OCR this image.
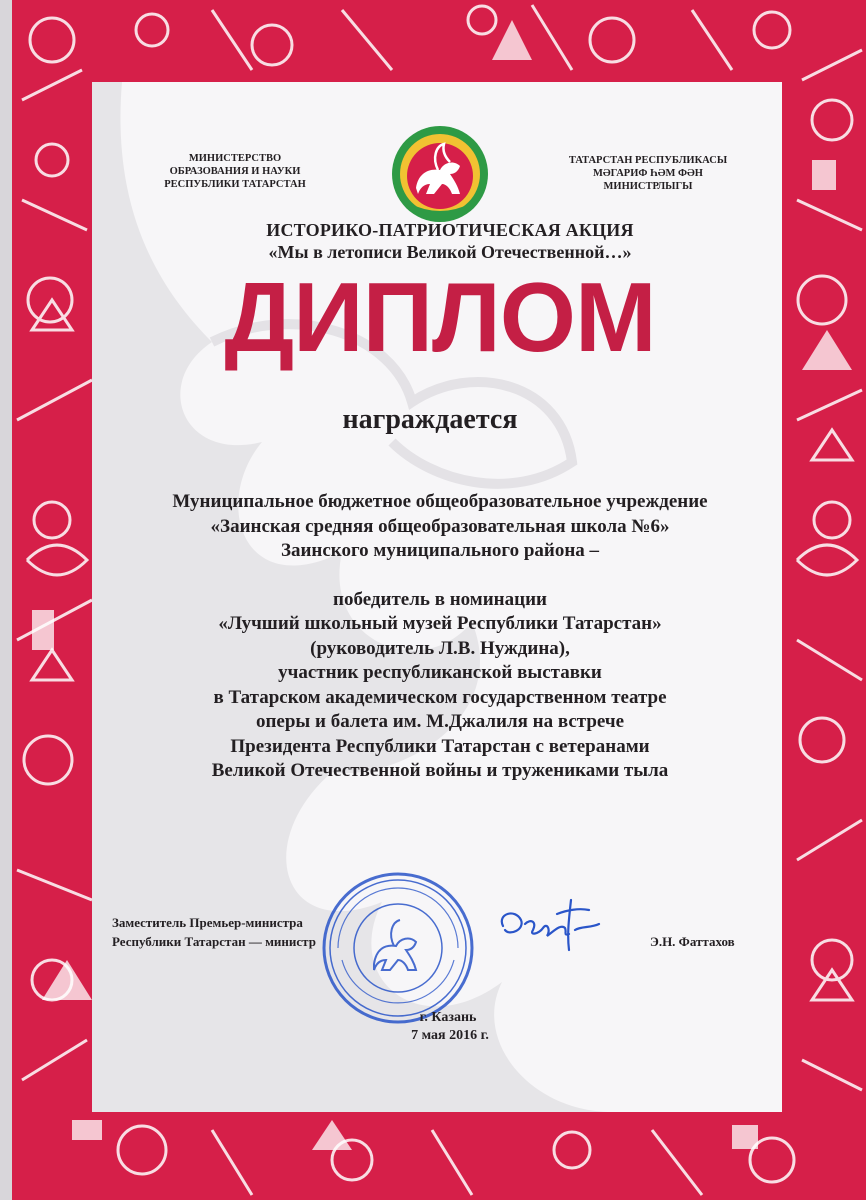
МИНИСТЕРСТВО
ОБРАЗОВАНИЯ И НАУКИ
РЕСПУБЛИКИ ТАТАРСТАН
ТАТАРСТАН РЕСПУБЛИКАСЫ
МӘГАРИФ ҺӘМ ФӘН
МИНИСТРЛЫГЫ
ИСТОРИКО-ПАТРИОТИЧЕСКАЯ АКЦИЯ
«Мы в летописи Великой Отечественной…»
ДИПЛОМ
награждается
Муниципальное бюджетное общеобразовательное учреждение
«Заинская средняя общеобразовательная школа №6»
Заинского муниципального района –
победитель в номинации
«Лучший школьный музей Республики Татарстан»
(руководитель Л.В. Нуждина),
участник республиканской выставки
в Татарском академическом государственном театре
оперы и балета им. М.Джалиля на встрече
Президента Республики Татарстан с ветеранами
Великой Отечественной войны и тружениками тыла
Заместитель Премьер-министра
Республики Татарстан — министр	Э.Н. Фаттахов
г. Казань
7 мая 2016 г.
